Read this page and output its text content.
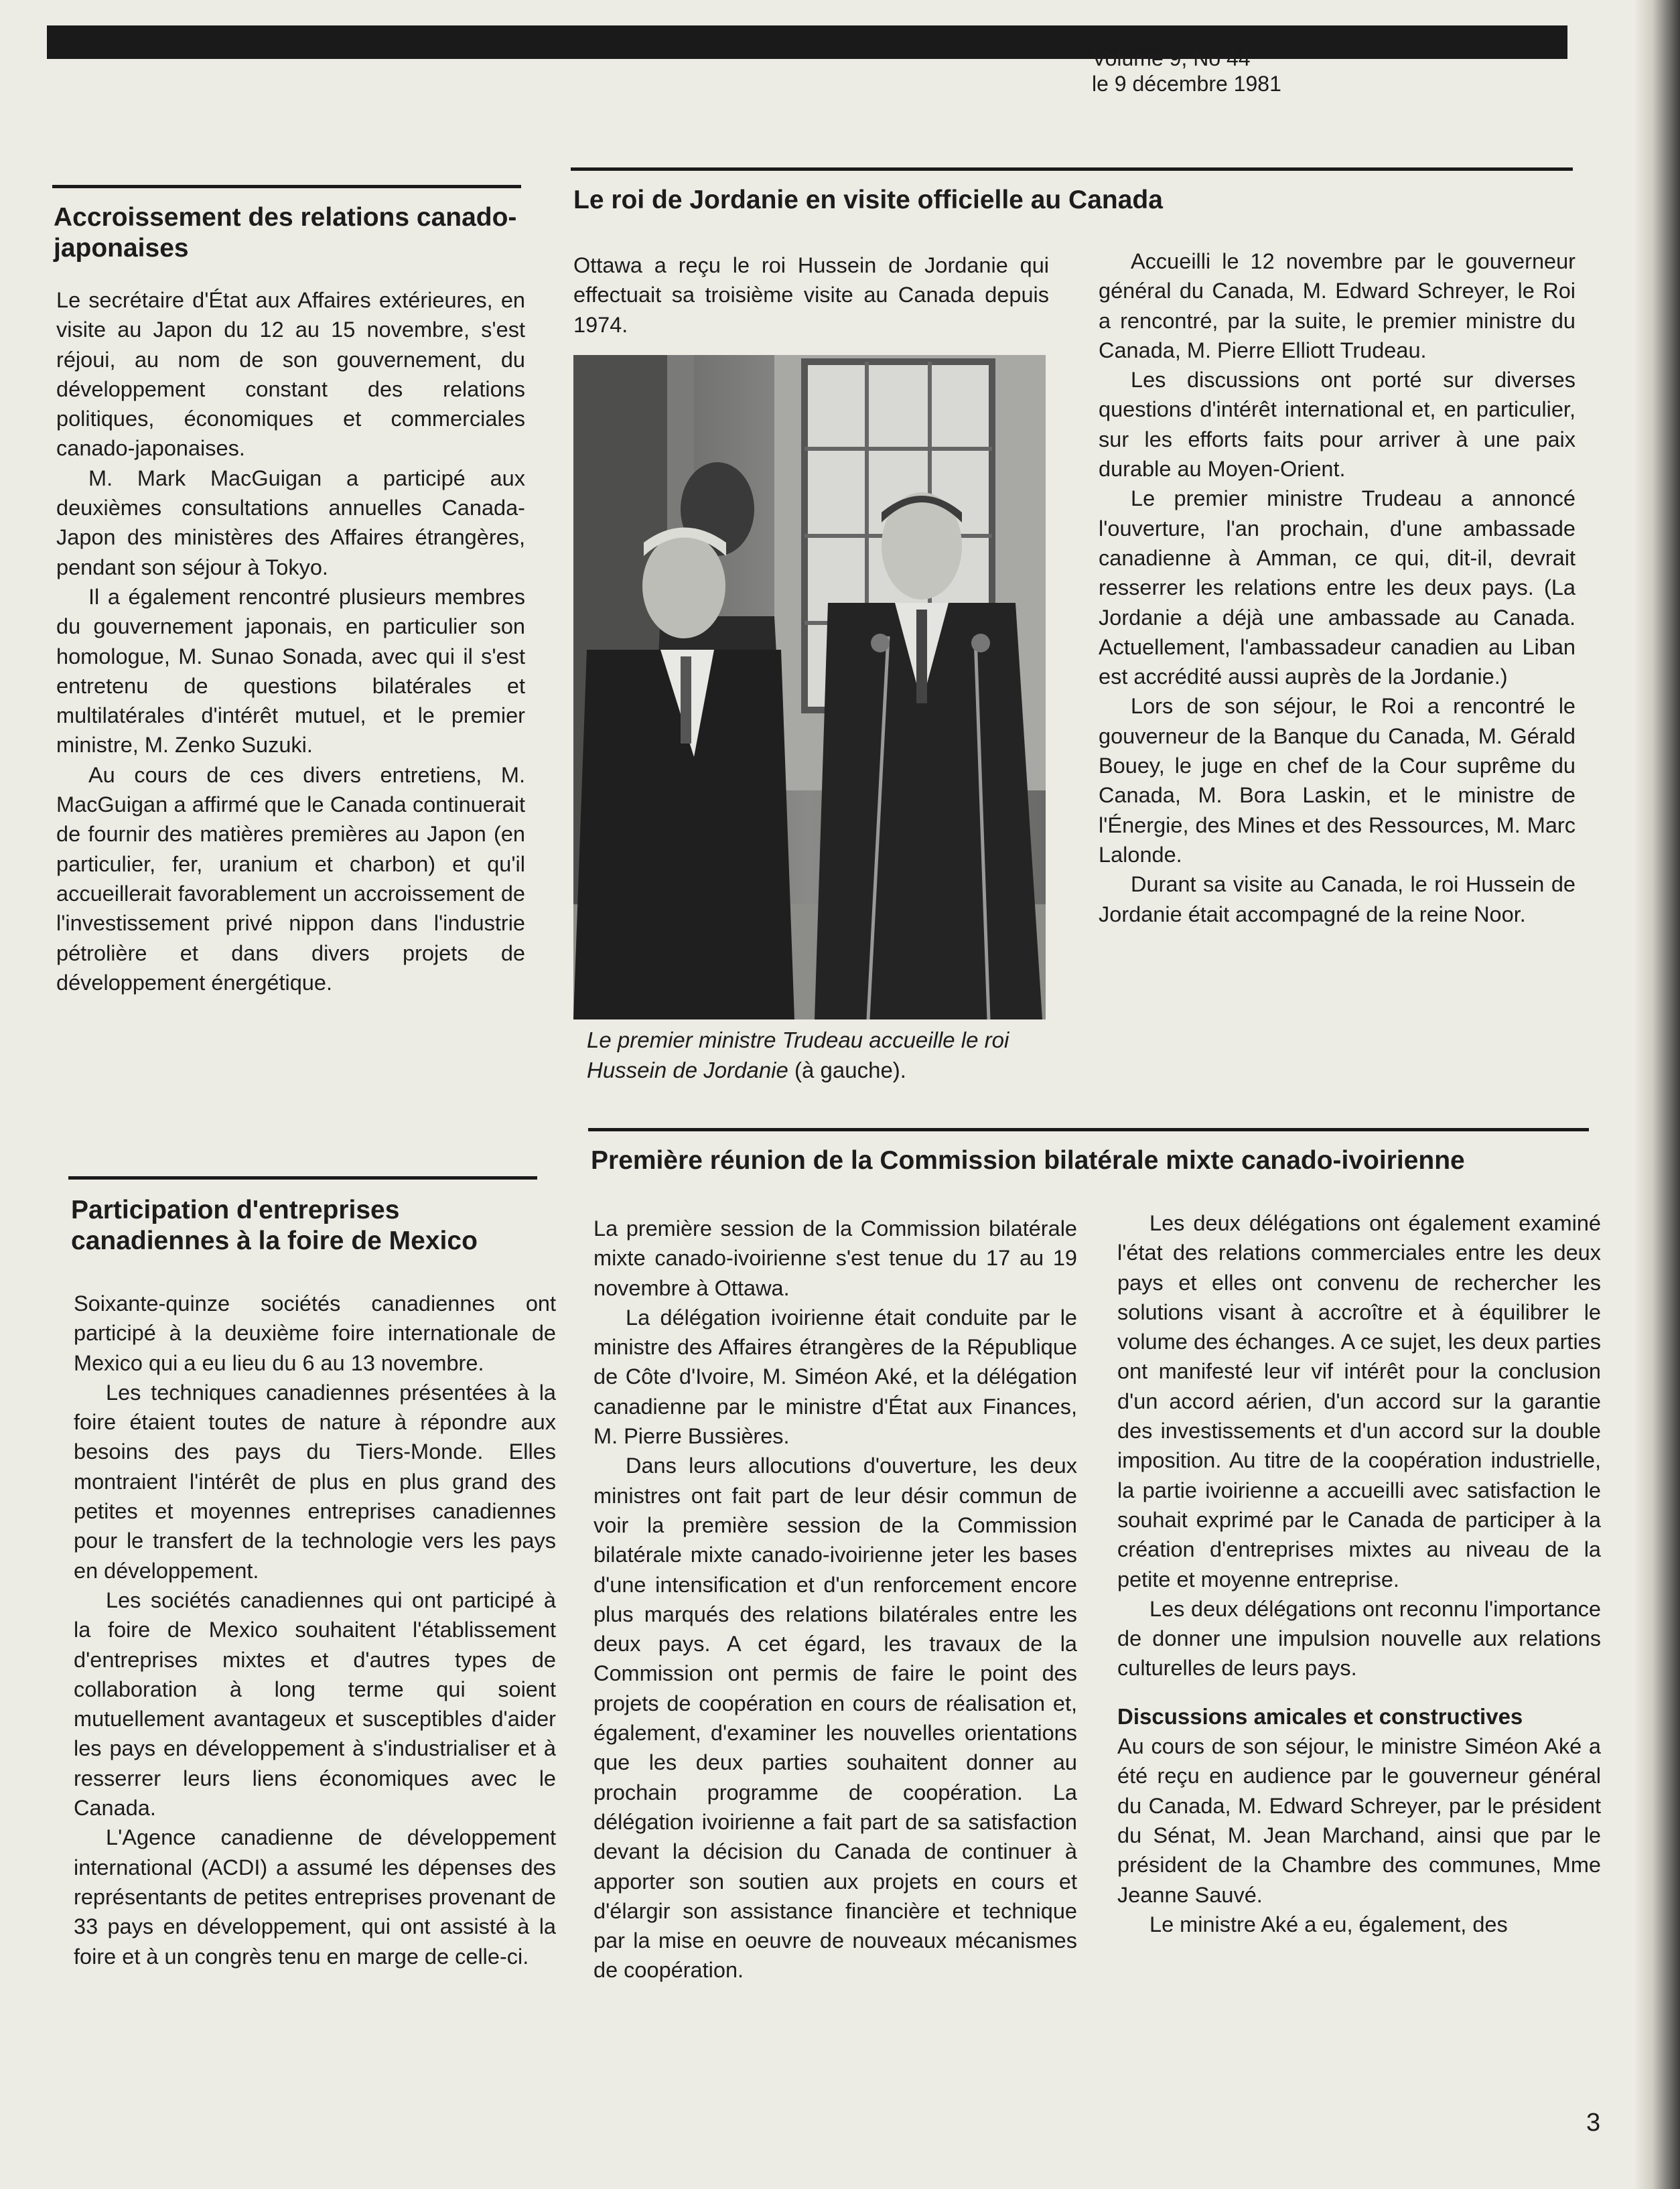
Volume 9, No 44
le 9 décembre 1981
Accroissement des relations canado-japonaises

Le secrétaire d'État aux Affaires extérieures, en visite au Japon du 12 au 15 novembre, s'est réjoui, au nom de son gouvernement, du développement constant des relations politiques, économiques et commerciales canado-japonaises.

M. Mark MacGuigan a participé aux deuxièmes consultations annuelles Canada-Japon des ministères des Affaires étrangères, pendant son séjour à Tokyo.

Il a également rencontré plusieurs membres du gouvernement japonais, en particulier son homologue, M. Sunao Sonada, avec qui il s'est entretenu de questions bilatérales et multilatérales d'intérêt mutuel, et le premier ministre, M. Zenko Suzuki.

Au cours de ces divers entretiens, M. MacGuigan a affirmé que le Canada continuerait de fournir des matières premières au Japon (en particulier, fer, uranium et charbon) et qu'il accueillerait favorablement un accroissement de l'investissement privé nippon dans l'industrie pétrolière et dans divers projets de développement énergétique.

Le roi de Jordanie en visite officielle au Canada

Ottawa a reçu le roi Hussein de Jordanie qui effectuait sa troisième visite au Canada depuis 1974.

Le premier ministre Trudeau accueille le roi Hussein de Jordanie (à gauche).

Accueilli le 12 novembre par le gouverneur général du Canada, M. Edward Schreyer, le Roi a rencontré, par la suite, le premier ministre du Canada, M. Pierre Elliott Trudeau.

Les discussions ont porté sur diverses questions d'intérêt international et, en particulier, sur les efforts faits pour arriver à une paix durable au Moyen-Orient.

Le premier ministre Trudeau a annoncé l'ouverture, l'an prochain, d'une ambassade canadienne à Amman, ce qui, dit-il, devrait resserrer les relations entre les deux pays. (La Jordanie a déjà une ambassade au Canada. Actuellement, l'ambassadeur canadien au Liban est accrédité aussi auprès de la Jordanie.)

Lors de son séjour, le Roi a rencontré le gouverneur de la Banque du Canada, M. Gérald Bouey, le juge en chef de la Cour suprême du Canada, M. Bora Laskin, et le ministre de l'Énergie, des Mines et des Ressources, M. Marc Lalonde.

Durant sa visite au Canada, le roi Hussein de Jordanie était accompagné de la reine Noor.

Participation d'entreprises canadiennes à la foire de Mexico

Soixante-quinze sociétés canadiennes ont participé à la deuxième foire internationale de Mexico qui a eu lieu du 6 au 13 novembre.

Les techniques canadiennes présentées à la foire étaient toutes de nature à répondre aux besoins des pays du Tiers-Monde. Elles montraient l'intérêt de plus en plus grand des petites et moyennes entreprises canadiennes pour le transfert de la technologie vers les pays en développement.

Les sociétés canadiennes qui ont participé à la foire de Mexico souhaitent l'établissement d'entreprises mixtes et d'autres types de collaboration à long terme qui soient mutuellement avantageux et susceptibles d'aider les pays en développement à s'industrialiser et à resserrer leurs liens économiques avec le Canada.

L'Agence canadienne de développement international (ACDI) a assumé les dépenses des représentants de petites entreprises provenant de 33 pays en développement, qui ont assisté à la foire et à un congrès tenu en marge de celle-ci.

Première réunion de la Commission bilatérale mixte canado-ivoirienne

La première session de la Commission bilatérale mixte canado-ivoirienne s'est tenue du 17 au 19 novembre à Ottawa.

La délégation ivoirienne était conduite par le ministre des Affaires étrangères de la République de Côte d'Ivoire, M. Siméon Aké, et la délégation canadienne par le ministre d'État aux Finances, M. Pierre Bussières.

Dans leurs allocutions d'ouverture, les deux ministres ont fait part de leur désir commun de voir la première session de la Commission bilatérale mixte canado-ivoirienne jeter les bases d'une intensification et d'un renforcement encore plus marqués des relations bilatérales entre les deux pays. A cet égard, les travaux de la Commission ont permis de faire le point des projets de coopération en cours de réalisation et, également, d'examiner les nouvelles orientations que les deux parties souhaitent donner au prochain programme de coopération. La délégation ivoirienne a fait part de sa satisfaction devant la décision du Canada de continuer à apporter son soutien aux projets en cours et d'élargir son assistance financière et technique par la mise en oeuvre de nouveaux mécanismes de coopération.

Les deux délégations ont également examiné l'état des relations commerciales entre les deux pays et elles ont convenu de rechercher les solutions visant à accroître et à équilibrer le volume des échanges. A ce sujet, les deux parties ont manifesté leur vif intérêt pour la conclusion d'un accord aérien, d'un accord sur la garantie des investissements et d'un accord sur la double imposition. Au titre de la coopération industrielle, la partie ivoirienne a accueilli avec satisfaction le souhait exprimé par le Canada de participer à la création d'entreprises mixtes au niveau de la petite et moyenne entreprise.

Les deux délégations ont reconnu l'importance de donner une impulsion nouvelle aux relations culturelles de leurs pays.

Discussions amicales et constructives

Au cours de son séjour, le ministre Siméon Aké a été reçu en audience par le gouverneur général du Canada, M. Edward Schreyer, par le président du Sénat, M. Jean Marchand, ainsi que par le président de la Chambre des communes, Mme Jeanne Sauvé.

Le ministre Aké a eu, également, des

3
